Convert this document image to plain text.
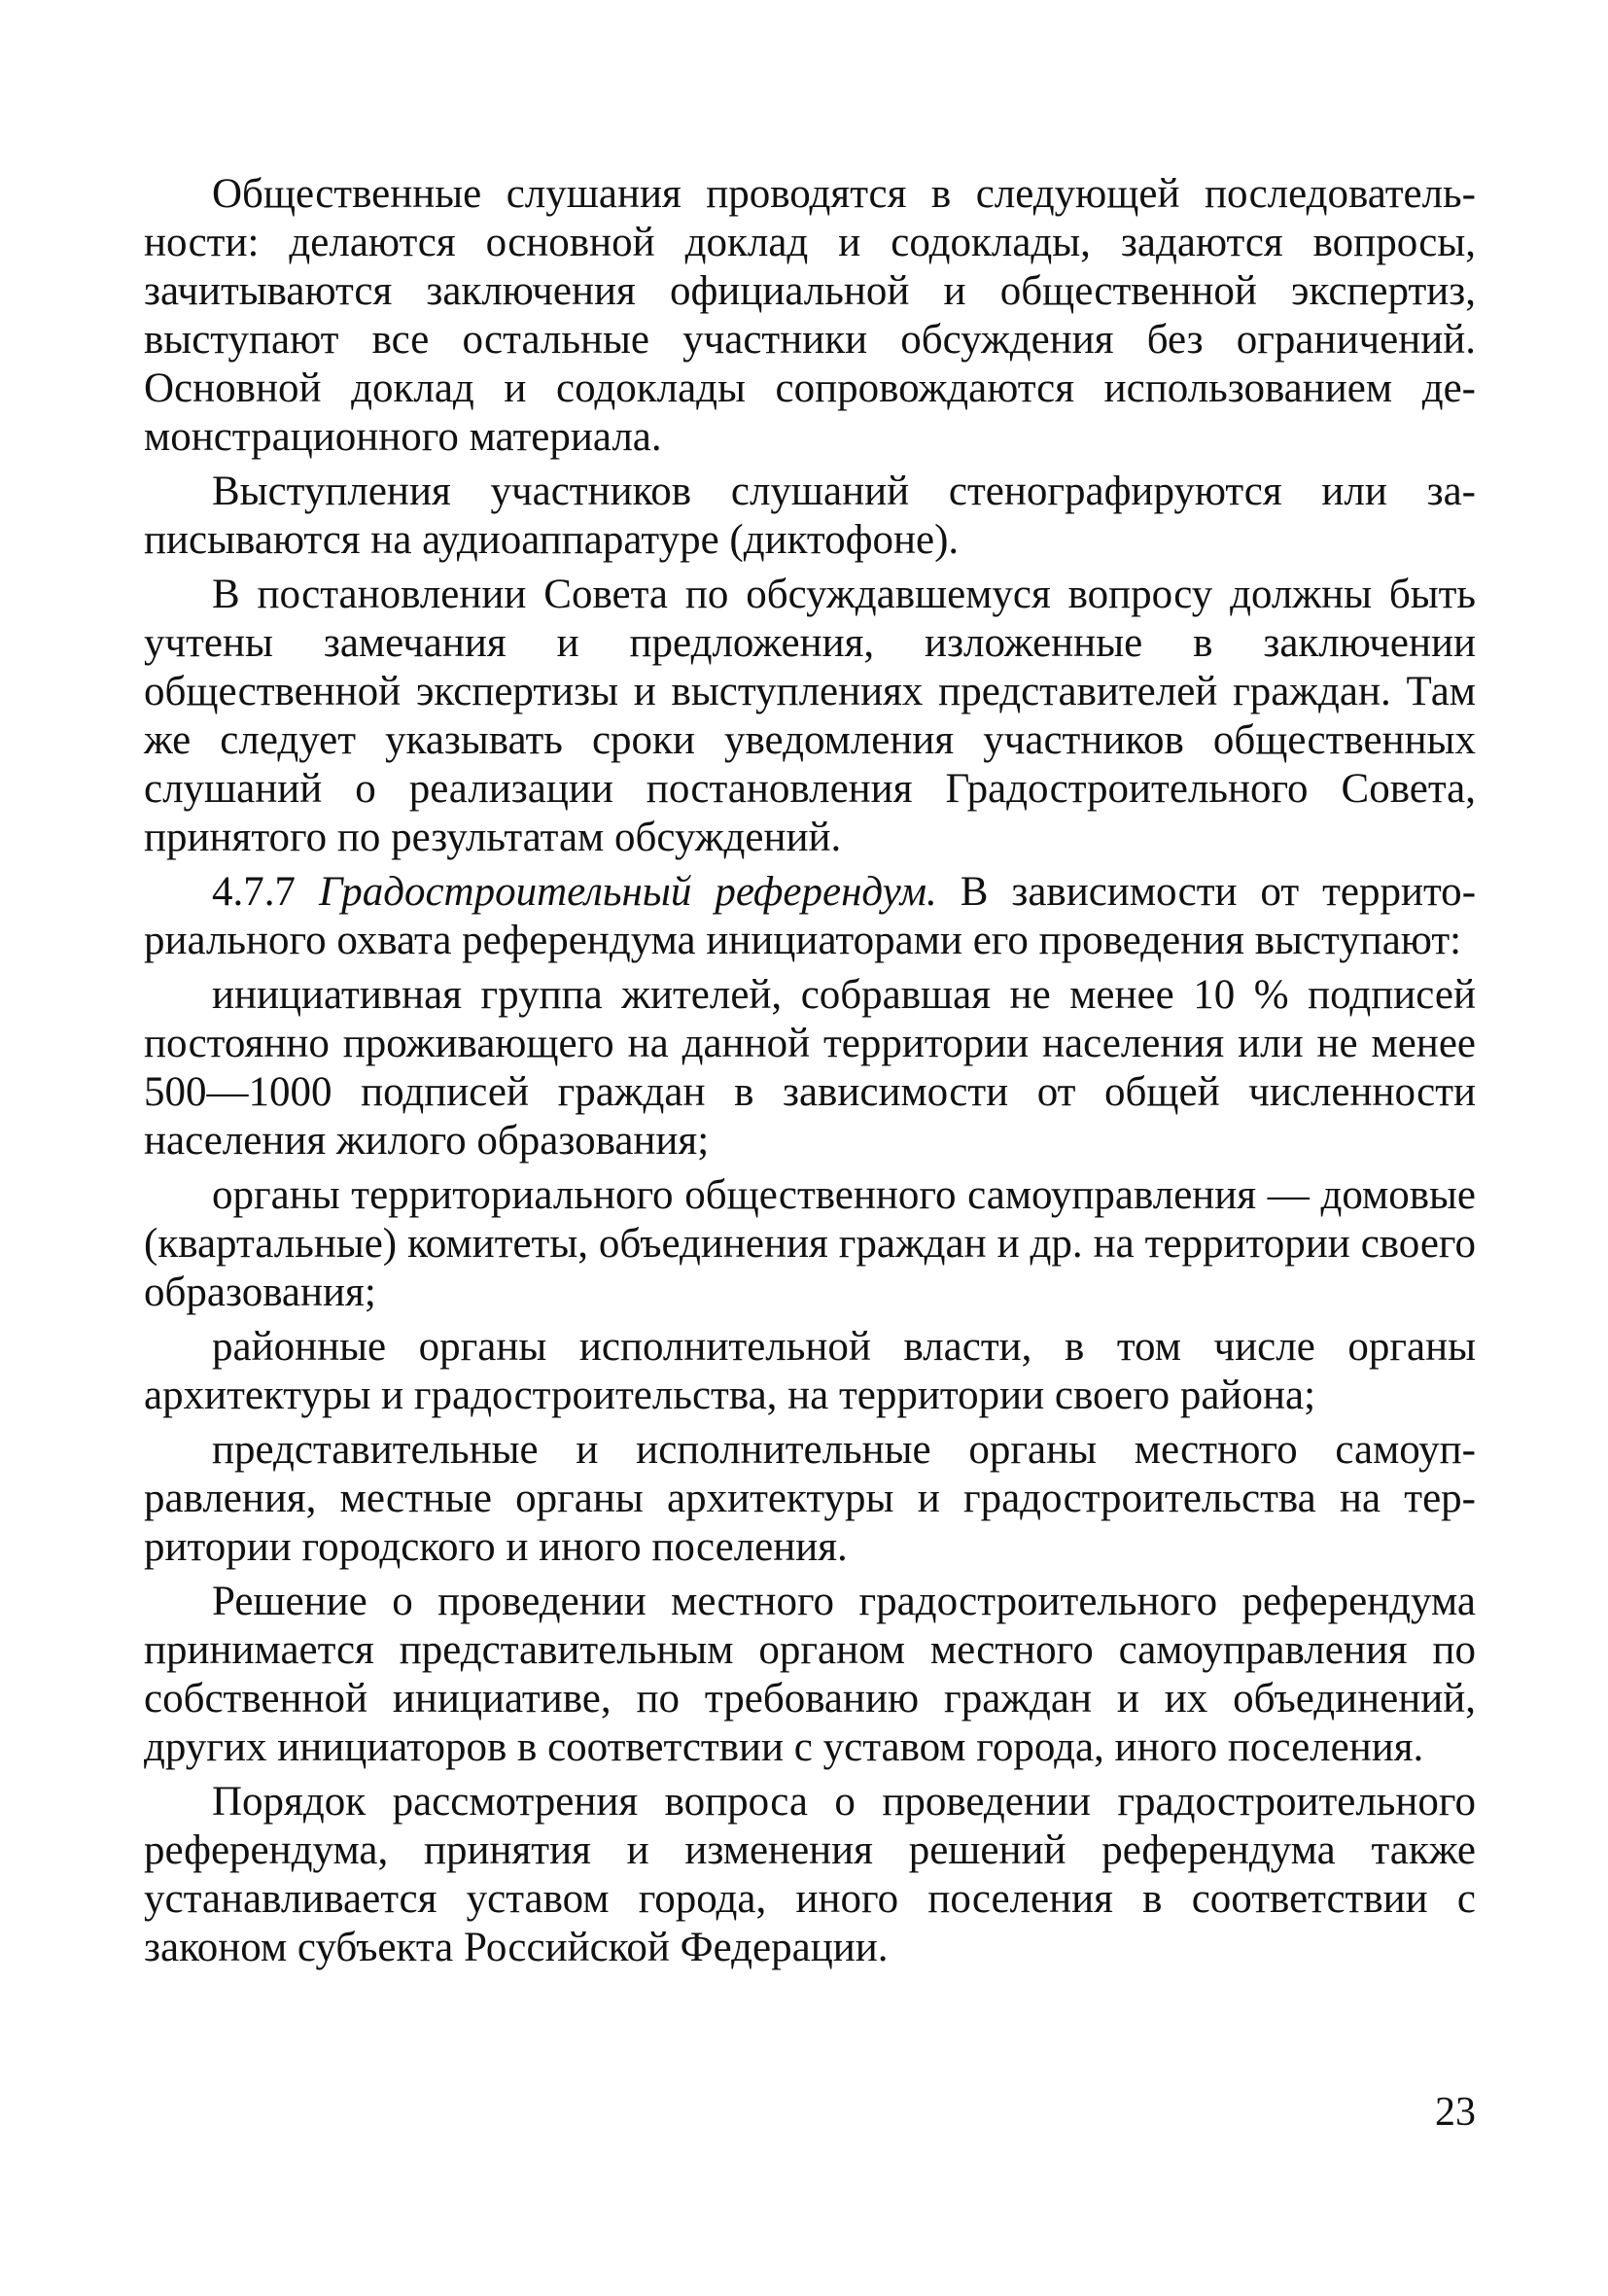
Общественные слушания проводятся в следующей последовательности: делаются основной доклад и содоклады, задаются вопросы, зачитываются заключения официальной и общественной экспертиз, выступают все остальные участники обсуждения без ограничений. Основной доклад и содоклады сопровождаются использованием демонстрационного материала.

Выступления участников слушаний стенографируются или записываются на аудиоаппаратуре (диктофоне).

В постановлении Совета по обсуждавшемуся вопросу должны быть учтены замечания и предложения, изложенные в заключении общественной экспертизы и выступлениях представителей граждан. Там же следует указывать сроки уведомления участников общественных слушаний о реализации постановления Градостроительного Совета, принятого по результатам обсуждений.

4.7.7 Градостроительный референдум. В зависимости от территориального охвата референдума инициаторами его проведения выступают:

инициативная группа жителей, собравшая не менее 10 % подписей постоянно проживающего на данной территории населения или не менее 500—1000 подписей граждан в зависимости от общей численности населения жилого образования;

органы территориального общественного самоуправления — домовые (квартальные) комитеты, объединения граждан и др. на территории своего образования;

районные органы исполнительной власти, в том числе органы архитектуры и градостроительства, на территории своего района;

представительные и исполнительные органы местного самоуправления, местные органы архитектуры и градостроительства на территории городского и иного поселения.

Решение о проведении местного градостроительного референдума принимается представительным органом местного самоуправления по собственной инициативе, по требованию граждан и их объединений, других инициаторов в соответствии с уставом города, иного поселения.

Порядок рассмотрения вопроса о проведении градостроительного референдума, принятия и изменения решений референдума также устанавливается уставом города, иного поселения в соответствии с законом субъекта Российской Федерации.

23
